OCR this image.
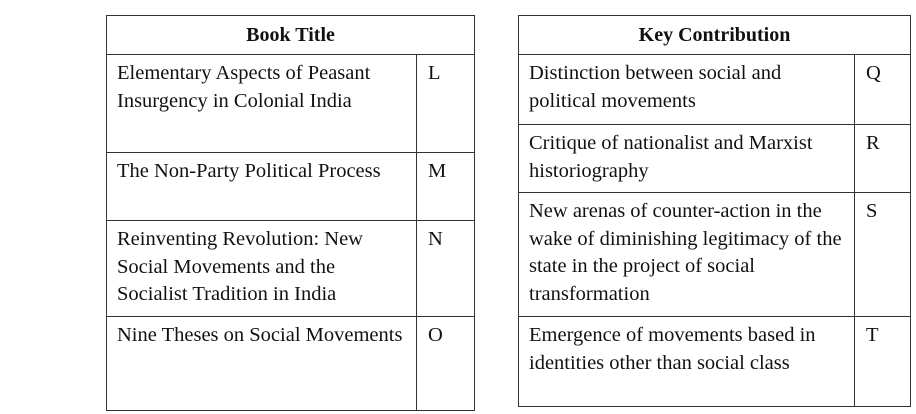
Book Title	
Elementary Aspects of Peasant Insurgency in Colonial India	L
The Non-Party Political Process	M
Reinventing Revolution: New Social Movements and the Socialist Tradition in India	N
Nine Theses on Social Movements	O
Key Contribution	
Distinction between social and political movements	Q
Critique of nationalist and Marxist historiography	R
New arenas of counter-action in the wake of diminishing legitimacy of the state in the project of social transformation	S
Emergence of movements based in identities other than social class	T
